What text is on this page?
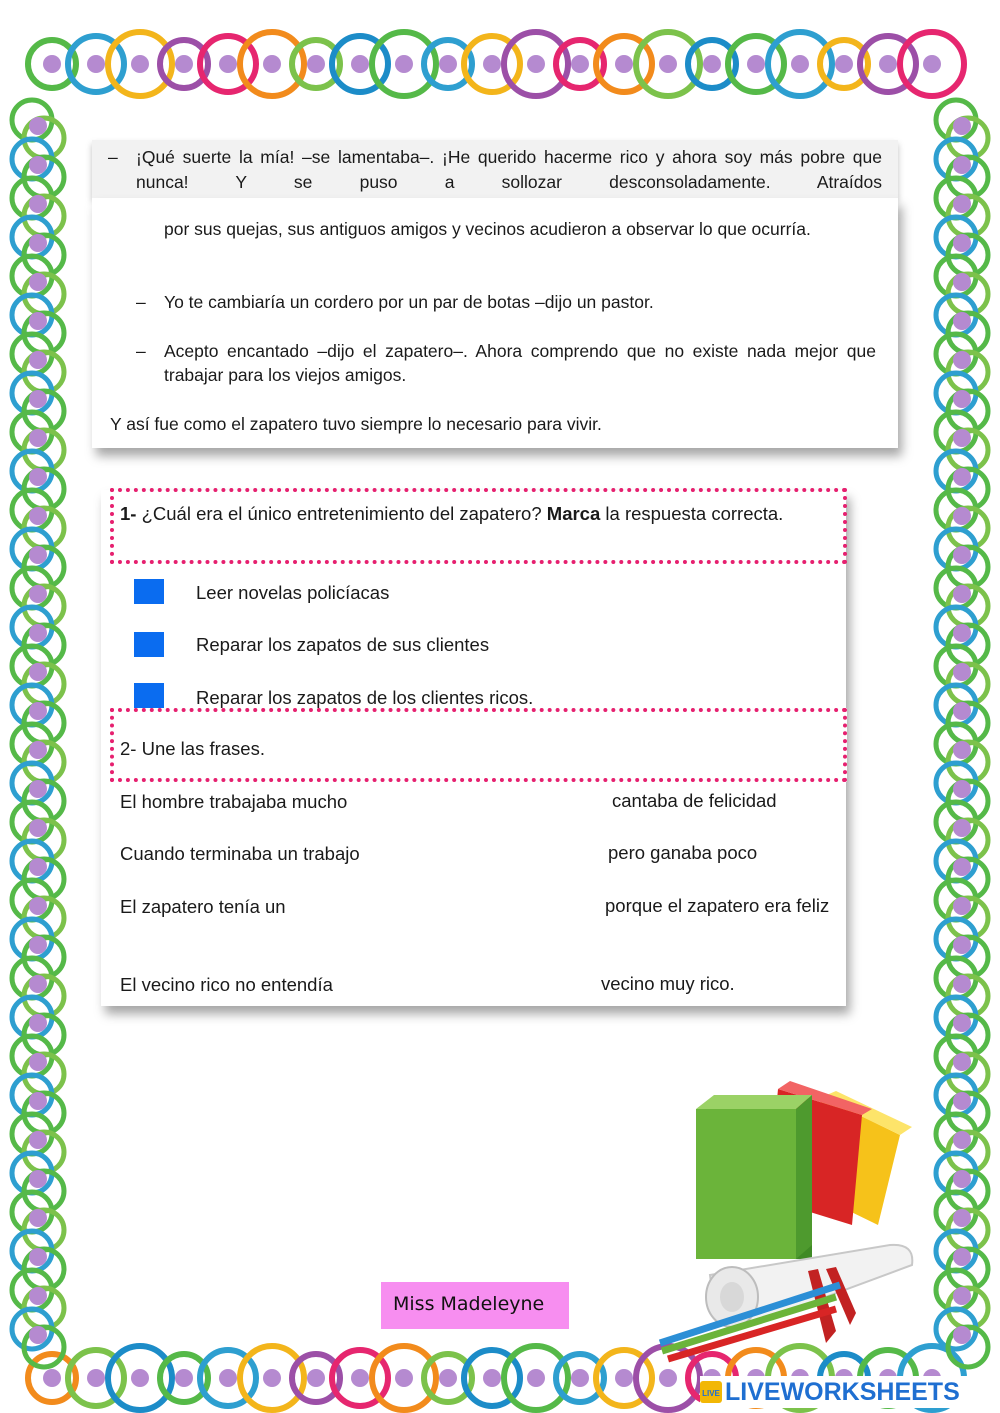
– ¡Qué suerte la mía! –se lamentaba–. ¡He querido hacerme rico y ahora soy más pobre que nunca! Y se puso a sollozar desconsoladamente. Atraídos
por sus quejas, sus antiguos amigos y vecinos acudieron a observar lo que ocurría.
– Yo te cambiaría un cordero por un par de botas –dijo un pastor.
– Acepto encantado –dijo el zapatero–. Ahora comprendo que no existe nada mejor que trabajar para los viejos amigos.
Y así fue como el zapatero tuvo siempre lo necesario para vivir.
1- ¿Cuál era el único entretenimiento del zapatero? Marca la respuesta correcta.
Leer novelas policíacas
Reparar los zapatos de sus clientes
Reparar los zapatos de los clientes ricos.
2- Une las frases.
El hombre trabajaba mucho
Cuando terminaba un trabajo
El zapatero tenía un
El vecino rico no entendía
cantaba de felicidad
pero ganaba poco
porque el zapatero era feliz
vecino muy rico.
Miss Madeleyne
LIVE LIVEWORKSHEETS
